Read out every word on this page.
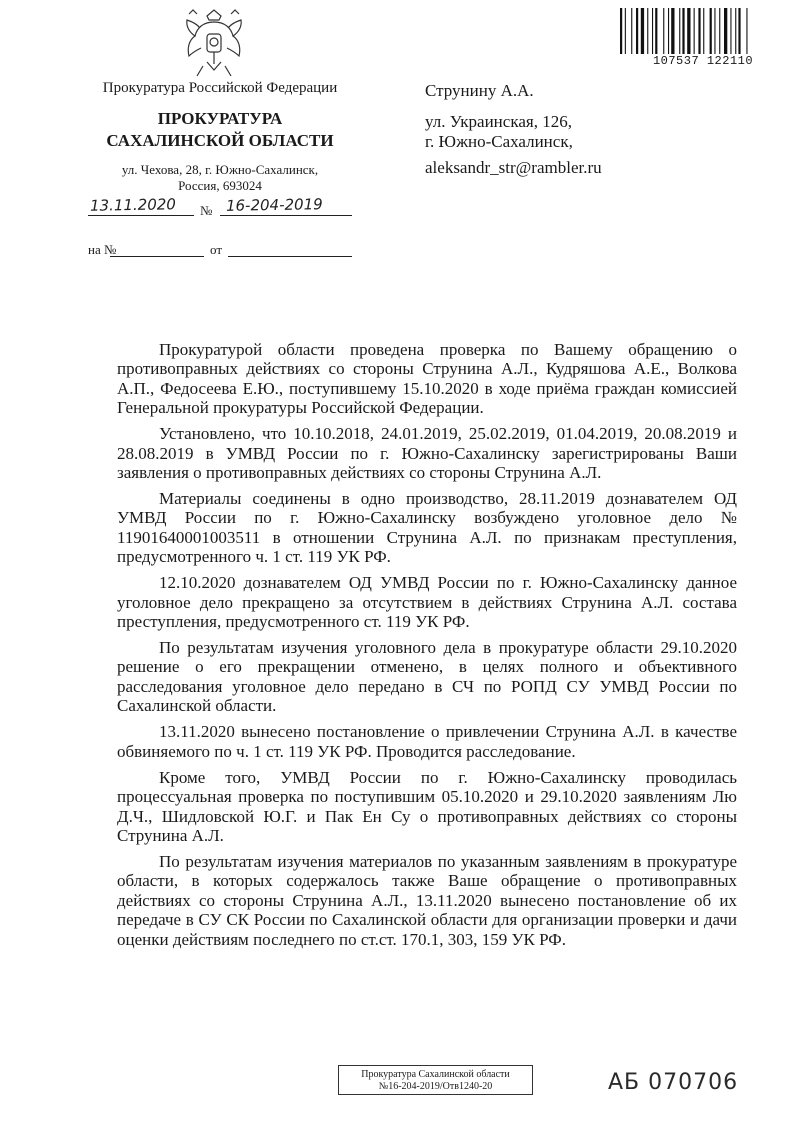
107537 122110
Прокуратура Российской Федерации
ПРОКУРАТУРА
САХАЛИНСКОЙ ОБЛАСТИ
ул. Чехова, 28, г. Южно-Сахалинск,
Россия, 693024
13.11.2020 № 16-204-2019
на №	от
Струнину А.А.
ул. Украинская, 126,
г. Южно-Сахалинск,
aleksandr_str@rambler.ru

Прокуратурой области проведена проверка по Вашему обращению о противоправных действиях со стороны Струнина А.Л., Кудряшова А.Е., Волкова А.П., Федосеева Е.Ю., поступившему 15.10.2020 в ходе приёма граждан комиссией Генеральной прокуратуры Российской Федерации.

Установлено, что 10.10.2018, 24.01.2019, 25.02.2019, 01.04.2019, 20.08.2019 и 28.08.2019 в УМВД России по г. Южно-Сахалинску зарегистрированы Ваши заявления о противоправных действиях со стороны Струнина А.Л.

Материалы соединены в одно производство, 28.11.2019 дознавателем ОД УМВД России по г. Южно-Сахалинску возбуждено уголовное дело № 11901640001003511 в отношении Струнина А.Л. по признакам преступления, предусмотренного ч. 1 ст. 119 УК РФ.

12.10.2020 дознавателем ОД УМВД России по г. Южно-Сахалинску данное уголовное дело прекращено за отсутствием в действиях Струнина А.Л. состава преступления, предусмотренного ст. 119 УК РФ.

По результатам изучения уголовного дела в прокуратуре области 29.10.2020 решение о его прекращении отменено, в целях полного и объективного расследования уголовное дело передано в СЧ по РОПД СУ УМВД России по Сахалинской области.

13.11.2020 вынесено постановление о привлечении Струнина А.Л. в качестве обвиняемого по ч. 1 ст. 119 УК РФ. Проводится расследование.

Кроме того, УМВД России по г. Южно-Сахалинску проводилась процессуальная проверка по поступившим 05.10.2020 и 29.10.2020 заявлениям Лю Д.Ч., Шидловской Ю.Г. и Пак Ен Су о противоправных действиях со стороны Струнина А.Л.

По результатам изучения материалов по указанным заявлениям в прокуратуре области, в которых содержалось также Ваше обращение о противоправных действиях со стороны Струнина А.Л., 13.11.2020 вынесено постановление об их передаче в СУ СК России по Сахалинской области для организации проверки и дачи оценки действиям последнего по ст.ст. 170.1, 303, 159 УК РФ.

Прокуратура Сахалинской области
№16-204-2019/Отв1240-20	АБ 070706
